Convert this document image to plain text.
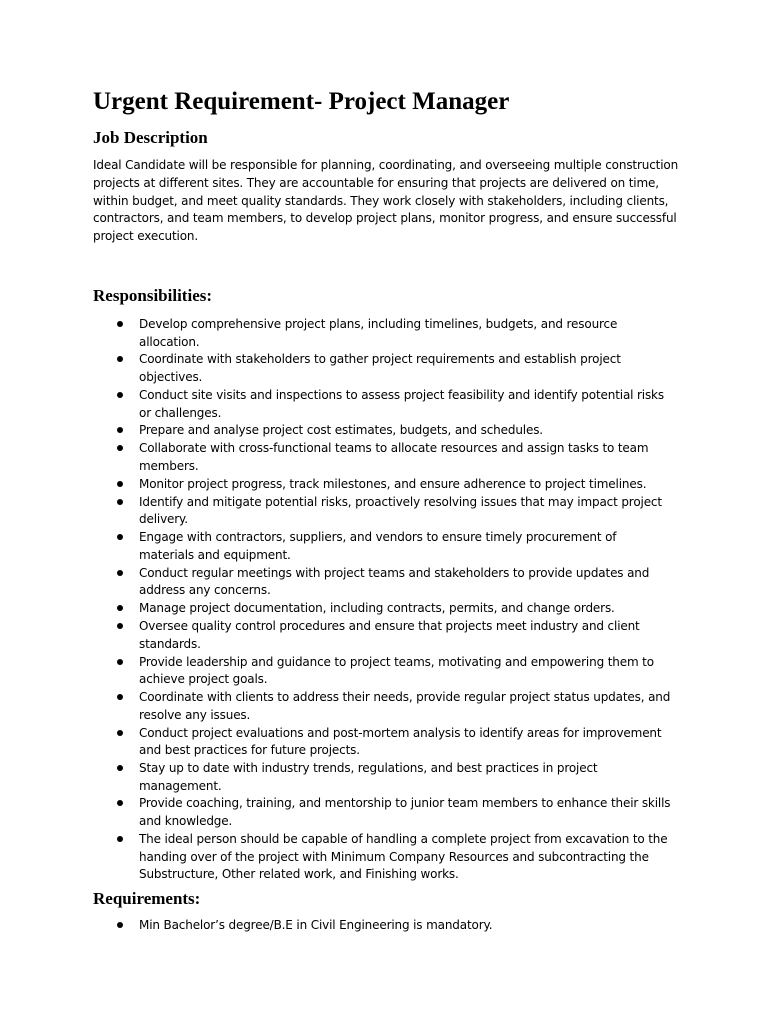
Urgent Requirement- Project Manager
Job Description

Ideal Candidate will be responsible for planning, coordinating, and overseeing multiple construction projects at different sites. They are accountable for ensuring that projects are delivered on time, within budget, and meet quality standards. They work closely with stakeholders, including clients, contractors, and team members, to develop project plans, monitor progress, and ensure successful project execution.

Responsibilities:
Develop comprehensive project plans, including timelines, budgets, and resource allocation.
Coordinate with stakeholders to gather project requirements and establish project objectives.
Conduct site visits and inspections to assess project feasibility and identify potential risks or challenges.
Prepare and analyse project cost estimates, budgets, and schedules.
Collaborate with cross-functional teams to allocate resources and assign tasks to team members.
Monitor project progress, track milestones, and ensure adherence to project timelines.
Identify and mitigate potential risks, proactively resolving issues that may impact project delivery.
Engage with contractors, suppliers, and vendors to ensure timely procurement of materials and equipment.
Conduct regular meetings with project teams and stakeholders to provide updates and address any concerns.
Manage project documentation, including contracts, permits, and change orders.
Oversee quality control procedures and ensure that projects meet industry and client standards.
Provide leadership and guidance to project teams, motivating and empowering them to achieve project goals.
Coordinate with clients to address their needs, provide regular project status updates, and resolve any issues.
Conduct project evaluations and post-mortem analysis to identify areas for improvement and best practices for future projects.
Stay up to date with industry trends, regulations, and best practices in project management.
Provide coaching, training, and mentorship to junior team members to enhance their skills and knowledge.
The ideal person should be capable of handling a complete project from excavation to the handing over of the project with Minimum Company Resources and subcontracting the Substructure, Other related work, and Finishing works.
Requirements:
Min Bachelor’s degree/B.E in Civil Engineering is mandatory.
